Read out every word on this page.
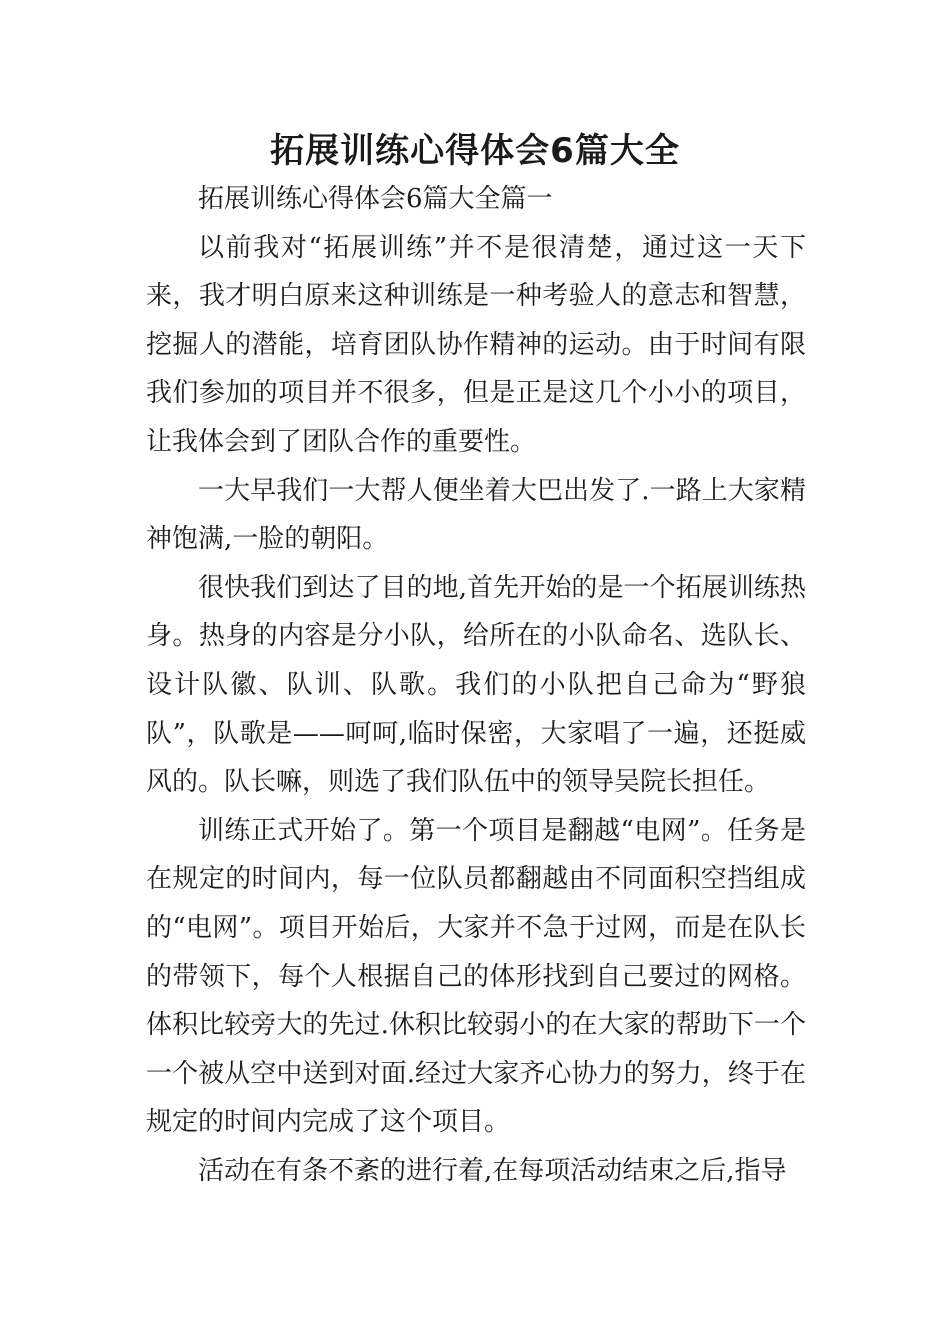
拓展训练心得体会6篇大全

拓展训练心得体会6篇大全篇一

以前我对“拓展训练”并不是很清楚，通过这一天下来，我才明白原来这种训练是一种考验人的意志和智慧，挖掘人的潜能，培育团队协作精神的运动。由于时间有限我们参加的项目并不很多，但是正是这几个小小的项目，让我体会到了团队合作的重要性。

一大早我们一大帮人便坐着大巴出发了.一路上大家精神饱满,一脸的朝阳。

很快我们到达了目的地,首先开始的是一个拓展训练热身。热身的内容是分小队，给所在的小队命名、选队长、设计队徽、队训、队歌。我们的小队把自己命为“野狼队”，队歌是——呵呵,临时保密，大家唱了一遍，还挺威风的。队长嘛，则选了我们队伍中的领导吴院长担任。

训练正式开始了。第一个项目是翻越“电网”。任务是在规定的时间内，每一位队员都翻越由不同面积空挡组成的“电网”。项目开始后，大家并不急于过网，而是在队长的带领下，每个人根据自己的体形找到自己要过的网格。体积比较旁大的先过.休积比较弱小的在大家的帮助下一个一个被从空中送到对面.经过大家齐心协力的努力，终于在规定的时间内完成了这个项目。

活动在有条不紊的进行着,在每项活动结束之后,指导
